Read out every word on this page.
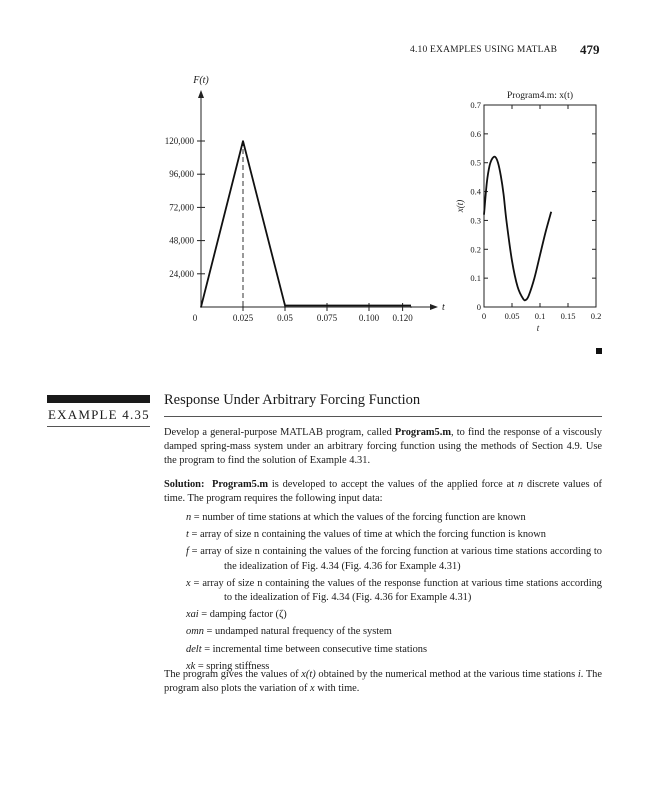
4.10 EXAMPLES USING MATLAB 479
F(t)
t
24,000
48,000
72,000
96,000
120,000
0	0.025	0.05	0.075 0.100 0.120
Program4.m: x(t)
0
0.1
0.2
0.3
0.4
0.5
0.6
0.7
0 0.05 0.1 0.15 0.2
t
x(t)
EXAMPLE 4.35
Response Under Arbitrary Forcing Function
Develop a general-purpose MATLAB program, called Program5.m, to find the response of a viscously damped spring-mass system under an arbitrary forcing function using the methods of Section 4.9. Use the program to find the solution of Example 4.31.
Solution: Program5.m is developed to accept the values of the applied force at n discrete values of time. The program requires the following input data:
n = number of time stations at which the values of the forcing function are known
t = array of size n containing the values of time at which the forcing function is known
f = array of size n containing the values of the forcing function at various time stations according to the idealization of Fig. 4.34 (Fig. 4.36 for Example 4.31)
x = array of size n containing the values of the response function at various time stations according to the idealization of Fig. 4.34 (Fig. 4.36 for Example 4.31)
xai = damping factor (ζ)
omn = undamped natural frequency of the system
delt = incremental time between consecutive time stations
xk = spring stiffness
The program gives the values of x(t) obtained by the numerical method at the various time stations i. The program also plots the variation of x with time.
